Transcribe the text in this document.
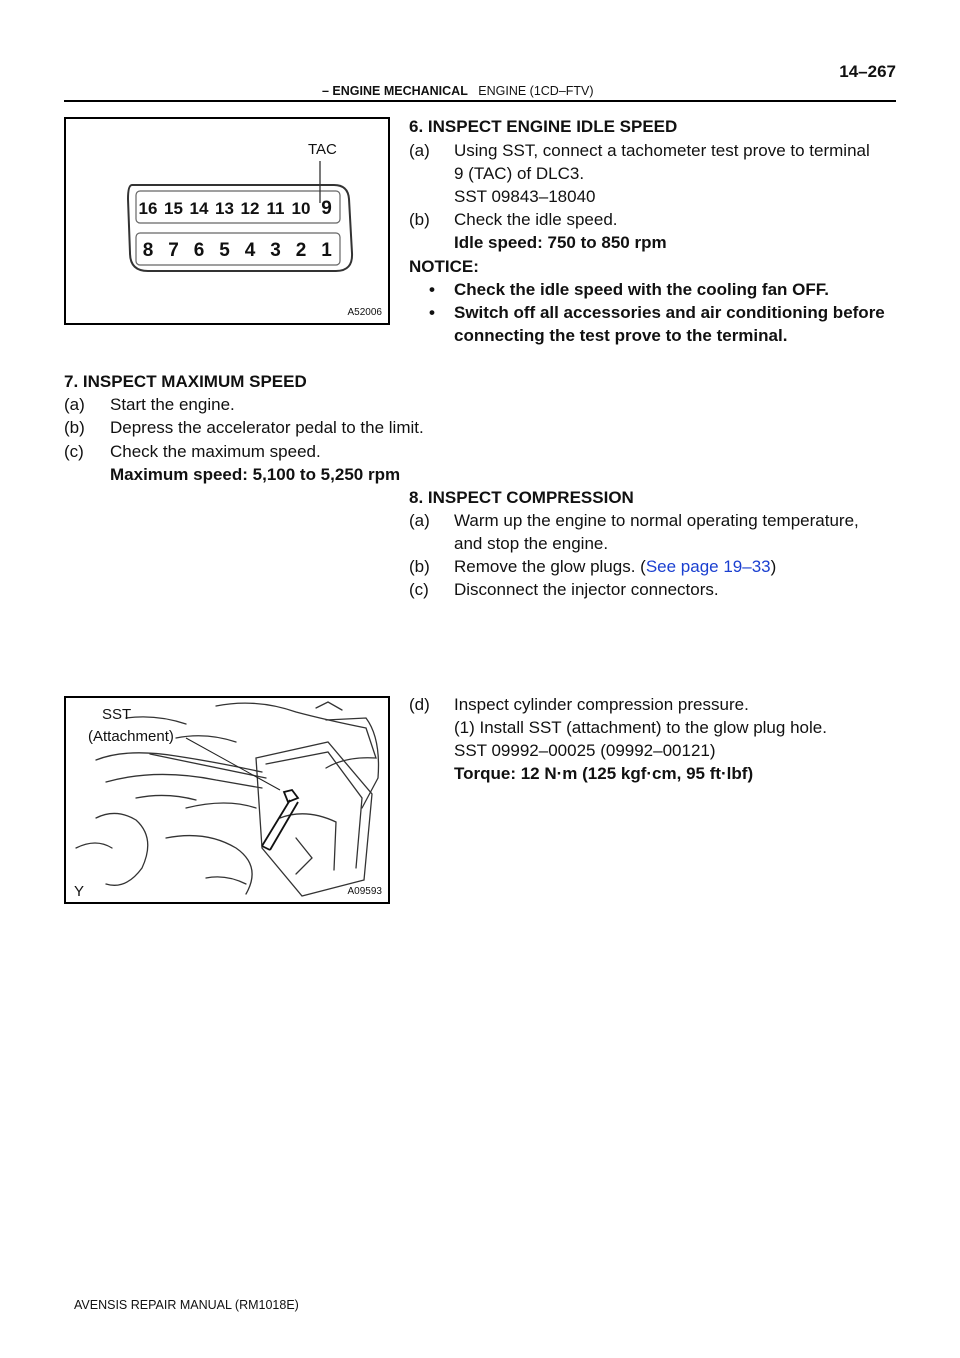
14–267
– ENGINE MECHANICAL ENGINE (1CD–FTV)
16 15 14 13 12 11 10 9
8 7 6 5 4 3 2 1
TAC
A52006
SST
(Attachment)
Y	A09593
6. INSPECT ENGINE IDLE SPEED
(a) Using SST, connect a tachometer test prove to terminal
9 (TAC) of DLC3.
SST 09843–18040
(b) Check the idle speed.
Idle speed: 750 to 850 rpm
NOTICE:
• Check the idle speed with the cooling fan OFF.
• Switch off all accessories and air conditioning before
connecting the test prove to the terminal.
7. INSPECT MAXIMUM SPEED
(a) Start the engine.
(b) Depress the accelerator pedal to the limit.
(c) Check the maximum speed.
Maximum speed: 5,100 to 5,250 rpm
8. INSPECT COMPRESSION
(a) Warm up the engine to normal operating temperature,
and stop the engine.
(b) Remove the glow plugs. (See page 19–33)
(c) Disconnect the injector connectors.
(d) Inspect cylinder compression pressure.
(1) Install SST (attachment) to the glow plug hole.
SST 09992–00025 (09992–00121)
Torque: 12 N·m (125 kgf·cm, 95 ft·lbf)
AVENSIS REPAIR MANUAL (RM1018E)
